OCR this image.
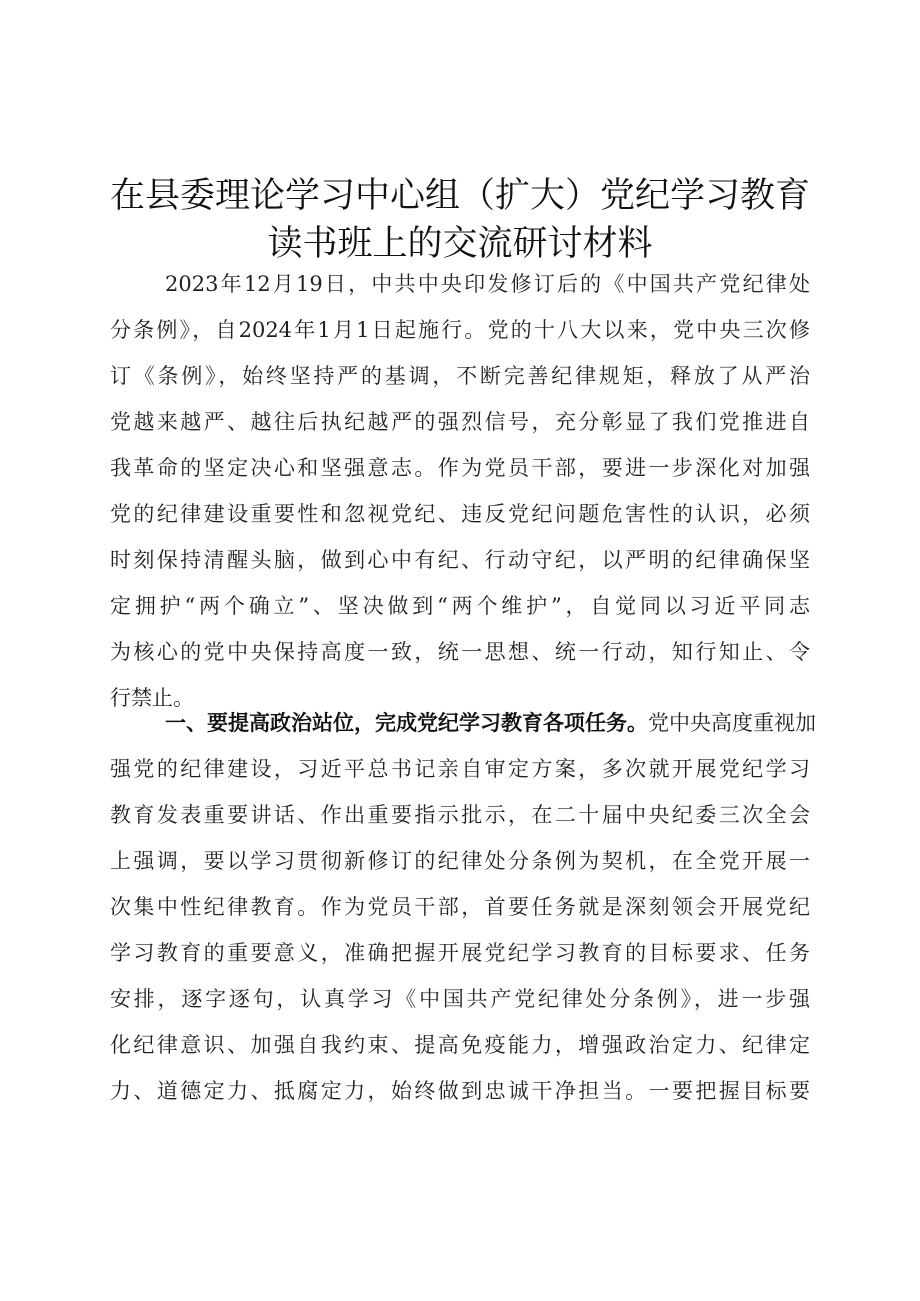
在县委理论学习中心组（扩大）党纪学习教育
读书班上的交流研讨材料
2023年12月19日，中共中央印发修订后的《中国共产党纪律处
分条例》，自2024年1月1日起施行。党的十八大以来，党中央三次修
订《条例》，始终坚持严的基调，不断完善纪律规矩，释放了从严治
党越来越严、越往后执纪越严的强烈信号，充分彰显了我们党推进自
我革命的坚定决心和坚强意志。作为党员干部，要进一步深化对加强
党的纪律建设重要性和忽视党纪、违反党纪问题危害性的认识，必须
时刻保持清醒头脑，做到心中有纪、行动守纪，以严明的纪律确保坚
定拥护“两个确立”、坚决做到“两个维护”，自觉同以习近平同志
为核心的党中央保持高度一致，统一思想、统一行动，知行知止、令
行禁止。
一、要提高政治站位，完成党纪学习教育各项任务。党中央高度重视加
强党的纪律建设，习近平总书记亲自审定方案，多次就开展党纪学习
教育发表重要讲话、作出重要指示批示，在二十届中央纪委三次全会
上强调，要以学习贯彻新修订的纪律处分条例为契机，在全党开展一
次集中性纪律教育。作为党员干部，首要任务就是深刻领会开展党纪
学习教育的重要意义，准确把握开展党纪学习教育的目标要求、任务
安排，逐字逐句，认真学习《中国共产党纪律处分条例》，进一步强
化纪律意识、加强自我约束、提高免疫能力，增强政治定力、纪律定
力、道德定力、抵腐定力，始终做到忠诚干净担当。一要把握目标要
